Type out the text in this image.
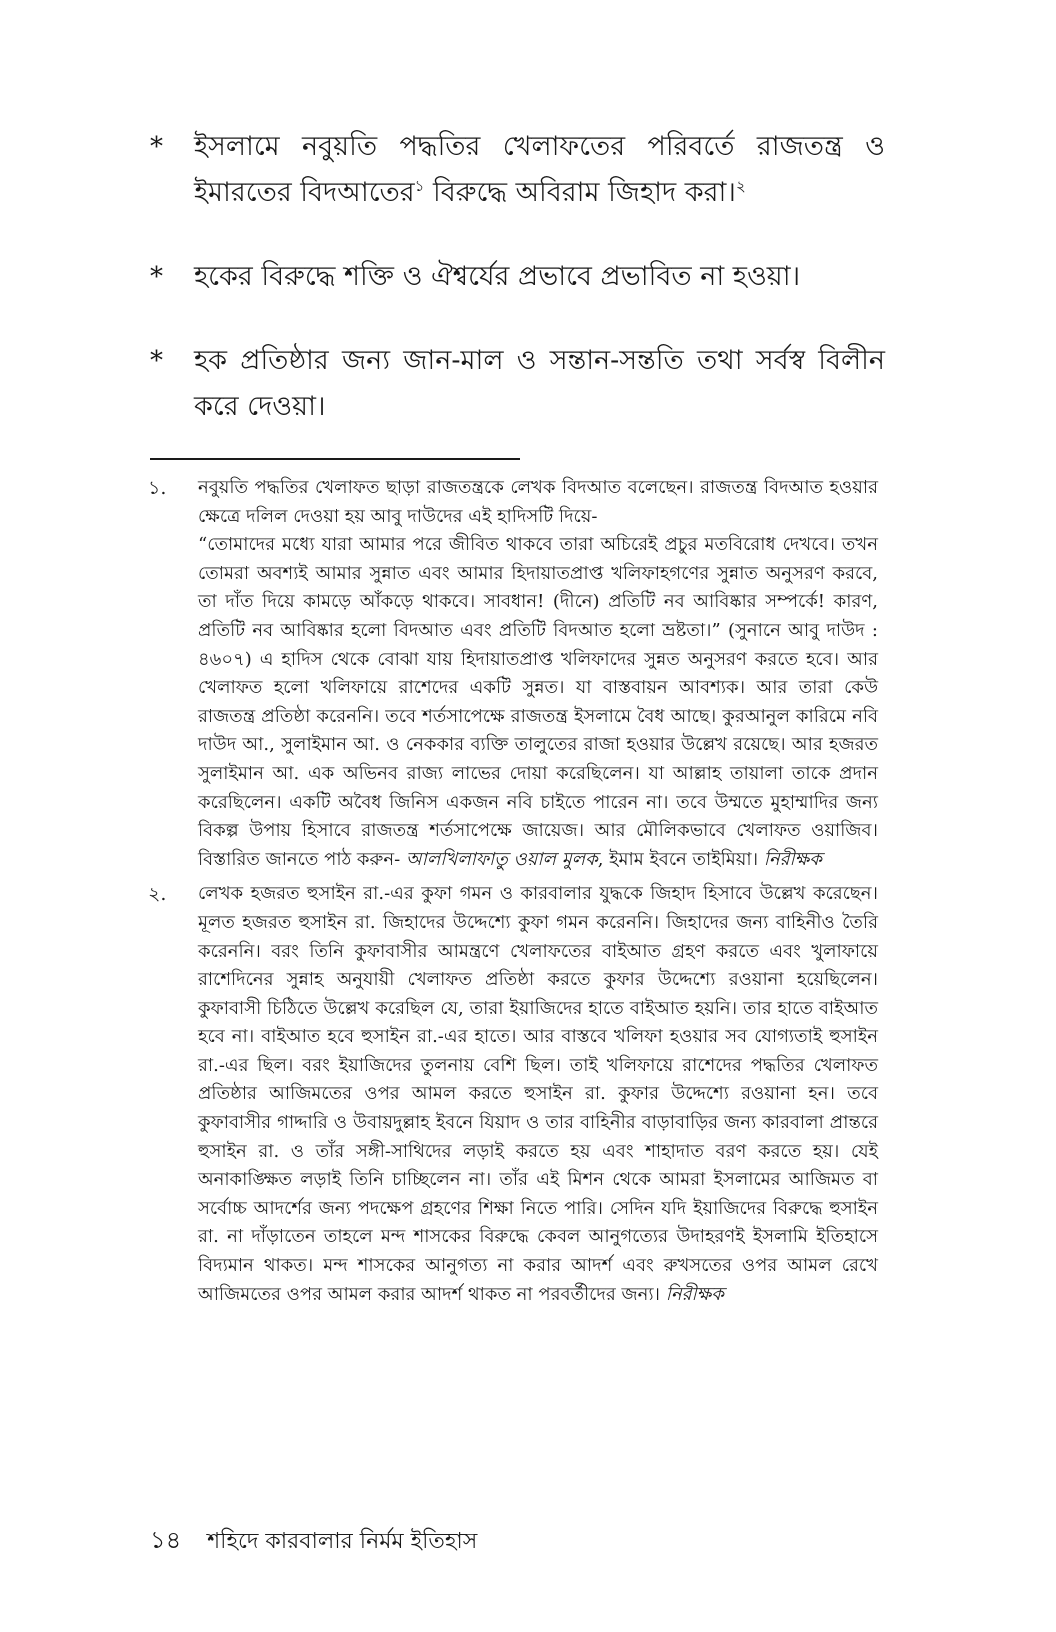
*	ইসলামে নবুয়তি পদ্ধতির খেলাফতের পরিবর্তে রাজতন্ত্র ও ইমারতের বিদআতের$^১$ বিরুদ্ধে অবিরাম জিহাদ করা।$^২$
*	হকের বিরুদ্ধে শক্তি ও ঐশ্বর্যের প্রভাবে প্রভাবিত না হওয়া।
*	হক প্রতিষ্ঠার জন্য জান-মাল ও সন্তান-সন্ততি তথা সর্বস্ব বিলীন করে দেওয়া।
১.	নবুয়তি পদ্ধতির খেলাফত ছাড়া রাজতন্ত্রকে লেখক বিদআত বলেছেন। রাজতন্ত্র বিদআত হওয়ার ক্ষেত্রে দলিল দেওয়া হয় আবু দাউদের এই হাদিসটি দিয়ে-

“তোমাদের মধ্যে যারা আমার পরে জীবিত থাকবে তারা অচিরেই প্রচুর মতবিরোধ দেখবে। তখন তোমরা অবশ্যই আমার সুন্নাত এবং আমার হিদায়াতপ্রাপ্ত খলিফাহগণের সুন্নাত অনুসরণ করবে, তা দাঁত দিয়ে কামড়ে আঁকড়ে থাকবে। সাবধান! (দীনে) প্রতিটি নব আবিষ্কার সম্পর্কে! কারণ, প্রতিটি নব আবিষ্কার হলো বিদআত এবং প্রতিটি বিদআত হলো ভ্রষ্টতা।” (সুনানে আবু দাউদ : ৪৬০৭) এ হাদিস থেকে বোঝা যায় হিদায়াতপ্রাপ্ত খলিফাদের সুন্নত অনুসরণ করতে হবে। আর খেলাফত হলো খলিফায়ে রাশেদের একটি সুন্নত। যা বাস্তবায়ন আবশ্যক। আর তারা কেউ রাজতন্ত্র প্রতিষ্ঠা করেননি। তবে শর্তসাপেক্ষে রাজতন্ত্র ইসলামে বৈধ আছে। কুরআনুল কারিমে নবি দাউদ আ., সুলাইমান আ. ও নেককার ব্যক্তি তালুতের রাজা হওয়ার উল্লেখ রয়েছে। আর হজরত সুলাইমান আ. এক অভিনব রাজ্য লাভের দোয়া করেছিলেন। যা আল্লাহ তায়ালা তাকে প্রদান করেছিলেন। একটি অবৈধ জিনিস একজন নবি চাইতে পারেন না। তবে উম্মতে মুহাম্মাদির জন্য বিকল্প উপায় হিসাবে রাজতন্ত্র শর্তসাপেক্ষে জায়েজ। আর মৌলিকভাবে খেলাফত ওয়াজিব। বিস্তারিত জানতে পাঠ করুন- আলখিলাফাতু ওয়াল মুলক, ইমাম ইবনে তাইমিয়া। নিরীক্ষক

২.	লেখক হজরত হুসাইন রা.-এর কুফা গমন ও কারবালার যুদ্ধকে জিহাদ হিসাবে উল্লেখ করেছেন। মূলত হজরত হুসাইন রা. জিহাদের উদ্দেশ্যে কুফা গমন করেননি। জিহাদের জন্য বাহিনীও তৈরি করেননি। বরং তিনি কুফাবাসীর আমন্ত্রণে খেলাফতের বাইআত গ্রহণ করতে এবং খুলাফায়ে রাশেদিনের সুন্নাহ অনুযায়ী খেলাফত প্রতিষ্ঠা করতে কুফার উদ্দেশ্যে রওয়ানা হয়েছিলেন। কুফাবাসী চিঠিতে উল্লেখ করেছিল যে, তারা ইয়াজিদের হাতে বাইআত হয়নি। তার হাতে বাইআত হবে না। বাইআত হবে হুসাইন রা.-এর হাতে। আর বাস্তবে খলিফা হওয়ার সব যোগ্যতাই হুসাইন রা.-এর ছিল। বরং ইয়াজিদের তুলনায় বেশি ছিল। তাই খলিফায়ে রাশেদের পদ্ধতির খেলাফত প্রতিষ্ঠার আজিমতের ওপর আমল করতে হুসাইন রা. কুফার উদ্দেশ্যে রওয়ানা হন। তবে কুফাবাসীর গাদ্দারি ও উবায়দুল্লাহ ইবনে যিয়াদ ও তার বাহিনীর বাড়াবাড়ির জন্য কারবালা প্রান্তরে হুসাইন রা. ও তাঁর সঙ্গী-সাথিদের লড়াই করতে হয় এবং শাহাদাত বরণ করতে হয়। যেই অনাকাঙ্ক্ষিত লড়াই তিনি চাচ্ছিলেন না। তাঁর এই মিশন থেকে আমরা ইসলামের আজিমত বা সর্বোচ্চ আদর্শের জন্য পদক্ষেপ গ্রহণের শিক্ষা নিতে পারি। সেদিন যদি ইয়াজিদের বিরুদ্ধে হুসাইন রা. না দাঁড়াতেন তাহলে মন্দ শাসকের বিরুদ্ধে কেবল আনুগত্যের উদাহরণই ইসলামি ইতিহাসে বিদ্যমান থাকত। মন্দ শাসকের আনুগত্য না করার আদর্শ এবং রুখসতের ওপর আমল রেখে আজিমতের ওপর আমল করার আদর্শ থাকত না পরবর্তীদের জন্য। নিরীক্ষক

১৪ শহিদে কারবালার নির্মম ইতিহাস
